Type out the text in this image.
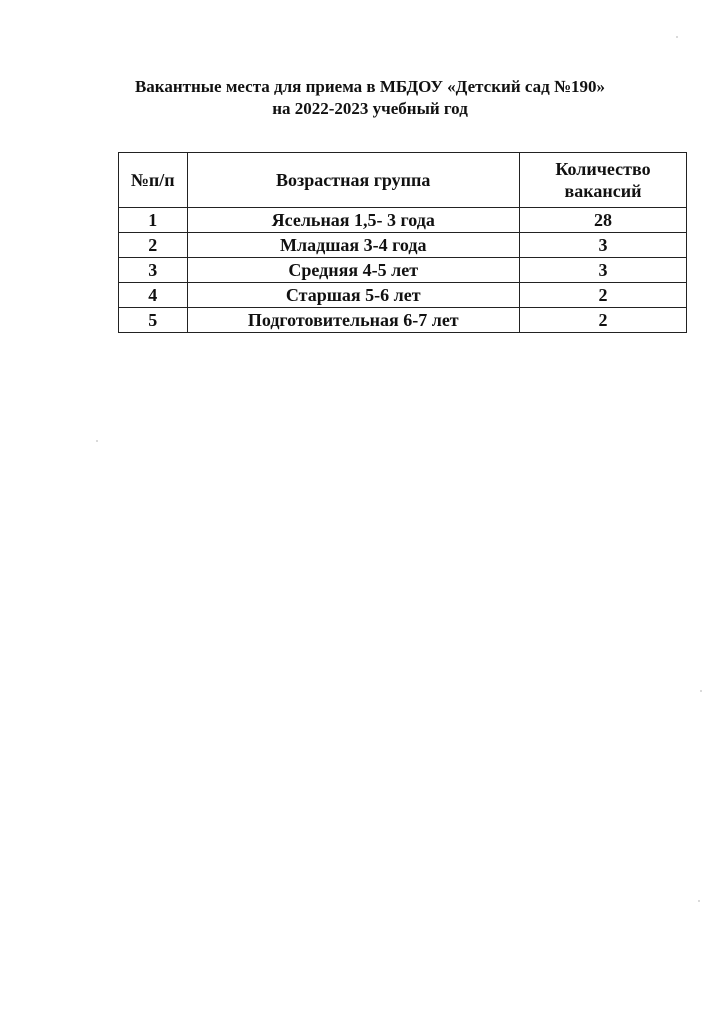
Вакантные места для приема в МБДОУ «Детский сад №190»
на 2022-2023 учебный год
№п/п	Возрастная группа	Количество
вакансий

1	Ясельная 1,5- 3 года	28
2	Младшая 3-4 года	3
3	Средняя 4-5 лет	3
4	Старшая 5-6 лет	2
5	Подготовительная 6-7 лет	2
